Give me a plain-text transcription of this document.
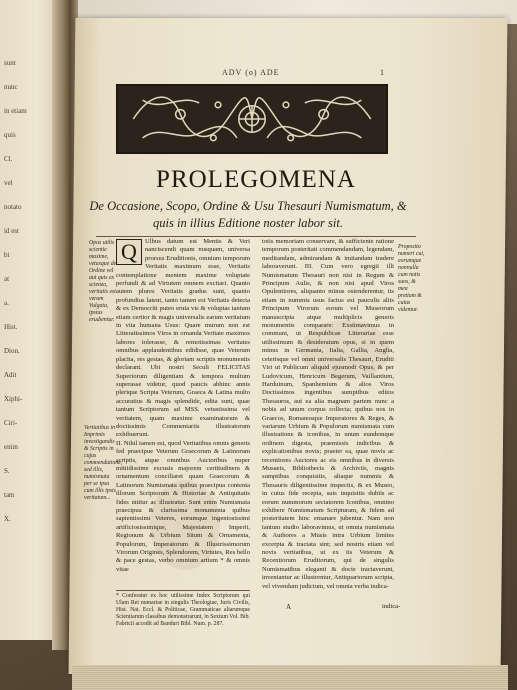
sunt
nunc
in etiam
quis
Cl.
vel
notato
id est
bi
at
a.
Hist.
Dion.
Adit
Xiphi-
Ciri-
enim
S.
tam
X.
ADV (o) ADE	1
PROLEGOMENA
De Occasione, Scopo, Ordine & Usu Thesauri Numismatum, & quis in illius Editione noster labor sit.
Opus utilis scientie maxime, vetusque de Ordine vel aut quis ex scienza, veritatis est veram Vulgata, ipsius erudientur.
Veritatibus in Imprimis investigandis & Scriptis in cujus commendatione, sed illis, numismata per se ipsa cum illis ipsis veritatum...
Proposito numeri cui, eorumque nonnulla cum notis suos, & mea pretium & cuius videntur.
Q	Ulbus datum est Mentis & Veri nanciscendi quam nusquam, universa prorsus Eruditionis, omnium temporum Veritatis maximum esse, Veritatis contemplatione mentem maxime voluptate perfundi & ad Virtutem omnem excitari. Quanto autem plures Veritatis gradus sunt, quanto profundius latent, tanto tamen est Veritatis detecta & ex Democriti puteo eruta vis & voluptas tantum etiam certior & magis universalis earum veritatum in vita humana Usus: Quare murum non est Litteratissimos Viros in ornanda Veritate maximos labores tolerasse, & remotissimas veritates omnibus applaudentibus edidisse, quae Veterum placita, res gestas, & gloriam scriptis monumentis declarant. Ubi nostri Seculi FELICITAS Superiorum diligentiam & tempora multum superasse videtur, quod paucis abhinc annis plerique Scripta Veterum, Graeca & Latina multo accuratius & magis splendide, edita sunt, quae tantum Scriptorum ad MSS. vetustissima vel veritatem, quam maxime examinatorum & doctissimis Commentariis illustratorum exhibuerunt.

II. Nihil tamen est, quod Veritatibus omnis generis fed praecipue Veterum Graecorum & Latinorum scriptis, atque omnibus Auctoribus nuper mitiidissime excusis majorem certitudinem & ornamentum conciliaret quam Graecorum & Latinorum Numismata quibus praecipua contenta illorum Scriptorum & Historiae & Antiquitatis fides nititur ac illustratur. Sunt enim Numismata praecipua & clarissima monumenta quibus sapientissimi Veteres, eorumque ingeniosissimi artificiosissimique, Majestatem Imperii, Regionum & Urbium Situm & Ornamenta, Populorum, Imperatorum & Illustrissimorum Virorum Origines, Splendorem, Virtutes, Res bello & pace gestas, verbo omnium artium * & omnis vitae

totis memoriam conservare, & sufficiente ratione temporum posteritati commendandam, legendam, meditandam, admirandam & imitandam tradere laboraverunt. III. Cum vero egregii illi Numismatum Thesauri non nisi in Regum & Principum Aulis, & non nisi apud Viros Opulentiores, aliquanto minus ostenderentur, iis etiam in nummis usus factus est pauculis aliis Principum Virorum eorum vel Museorum manuscripta atque multiplicis generis monumentis comparare: Exstimavimus in communi, ut Respublicae Litterariae esse utilissimum & desideratum opus, si in quem minus in Germania, Italia, Gallia, Anglia, ceterisque vel omni universalis Thesauri, Eruditi Viri ut Publicum aliquid ejusmodi Opus, & per Ludovicum, Henricum Begerum, Vaillantium, Harduinum, Spanhemium & alios Viros Doctissimos ingentibus sumptibus editos Thesauros, aut ea alia magnam partem nunc a nobis ad unum corpus collecta; quibus nos in Graecos, Romanosque Imperatores & Reges, & variarum Urbium & Populorum numismata cum illustratione & iconibus, in unum eundemque ordinem digesta, praemissis indicibus & explicationibus novis; praeter ea, quae novis ac recentiores Auctores ac eis omnibus in diversis Musaeis, Bibliothecis & Archiviis, magnis sumptibus conquisitis, aliaque nummis & Thesauris diligentissime inspectis, & ex Museo, in cuius fide recepta, suis inquisitis dubiis ac eorum nummorum sectatorem Iconibus, omnino exhibere Numismatum Scripturam, & fidem ad posteritatem hinc emanare jubentur. Nam non tantum studio laboravimus, ut omnia numismata & Authores a Musis intra Urbium limites excerpta & tractata sint; sed nostris etiam vel novis veritatibus, ut ex iis Veterum & Recentiorum Eruditorum, qui de singulis Numismatibus eleganti & docte tractaverunt, inveniantur ac illustrentur, Antiquariorum scripta, vel vivendum judicium, vel omnia verba indica-

* Conferatur ex hoc utilissime Index Scriptorum qui Ulam Rei numariae in singulis Theologiae, Juris Civilis, Hist. Nat. Eccl. & Politicae, Grammaticae aliarumque Scientiarum classibus demonstrarunt, in Sextum Vol. Bib. Fabricii accedit ad Banduri Bibl. Num. p. 287.
A	indica-
